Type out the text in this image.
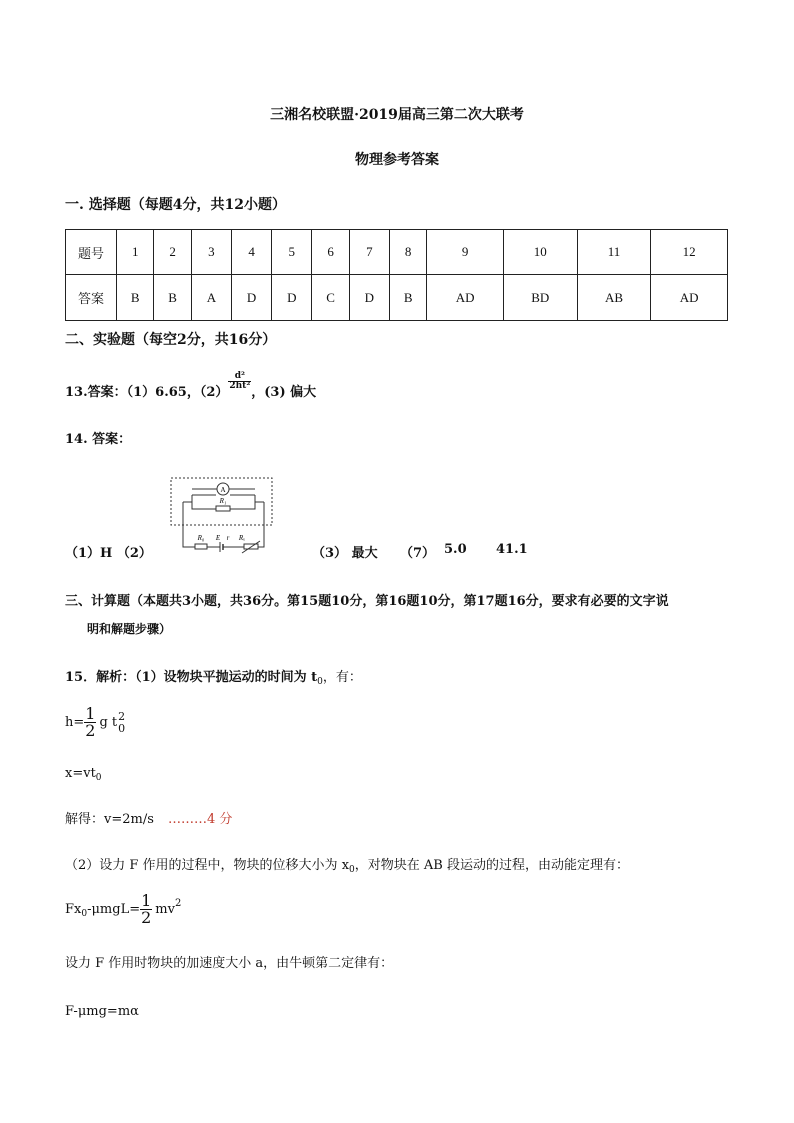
三湘名校联盟·2019届高三第二次大联考
物理参考答案
一. 选择题（每题4分，共12小题）
题号	1	2	3	4	5	6	7	8	9	10	11	12
答案	B	B	A	D	D	C	D	B	AD	BD	AB	AD
二、实验题（每空2分，共16分）
13.答案：（1）6.65，（2）
$\frac{\text{d²}}{\text{2ht²}}$
，(3) 偏大
14. 答案：
A
R₁
R₀ E r Rₓ
（1）H （2）	（3） 最大 （7） 5.0 41.1
三、计算题（本题共3小题，共36分。第15题10分，第16题10分，第17题16分，要求有必要的文字说
明和解题步骤）
15．解析：（1）设物块平抛运动的时间为 $t_0$，有：
$h= \frac{1}{2}$ g t 2
0
$x=vt_0$
解得：v=2m/s ………4 分
（2）设力 F 作用的过程中，物块的位移大小为 $x_0$，对物块在 AB 段运动的过程，由动能定理有：
$Fx_0-\mu mgL= \frac{1}{2} mv^2$
设力 F 作用时物块的加速度大小 a，由牛顿第二定律有：
F-μmg=mα
